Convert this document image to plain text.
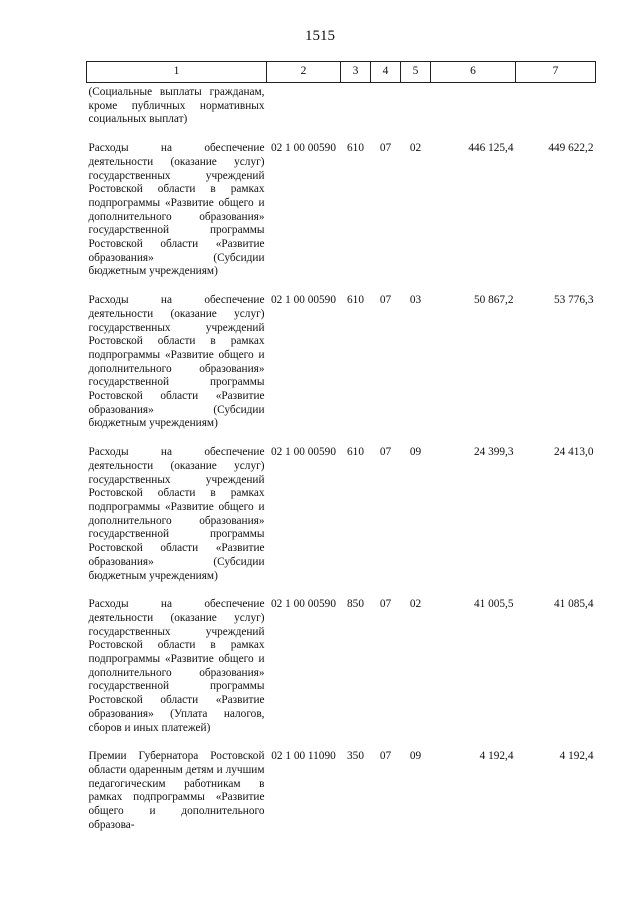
1515
1	2	3	4	5	6	7
(Социальные выплаты гражданам, кроме публичных нормативных социальных выплат)						
Расходы на обеспечение деятельности (оказание услуг) государственных учреждений Ростовской области в рамках подпрограммы «Развитие общего и дополнительного образования» государственной программы Ростовской области «Развитие образования» (Субсидии бюджетным учреждениям)	02 1 00 00590	610	07	02	446 125,4	449 622,2
Расходы на обеспечение деятельности (оказание услуг) государственных учреждений Ростовской области в рамках подпрограммы «Развитие общего и дополнительного образования» государственной программы Ростовской области «Развитие образования» (Субсидии бюджетным учреждениям)	02 1 00 00590	610	07	03	50 867,2	53 776,3
Расходы на обеспечение деятельности (оказание услуг) государственных учреждений Ростовской области в рамках подпрограммы «Развитие общего и дополнительного образования» государственной программы Ростовской области «Развитие образования» (Субсидии бюджетным учреждениям)	02 1 00 00590	610	07	09	24 399,3	24 413,0
Расходы на обеспечение деятельности (оказание услуг) государственных учреждений Ростовской области в рамках подпрограммы «Развитие общего и дополнительного образования» государственной программы Ростовской области «Развитие образования» (Уплата налогов, сборов и иных платежей)	02 1 00 00590	850	07	02	41 005,5	41 085,4
Премии Губернатора Ростовской области одаренным детям и лучшим педагогическим работникам в рамках подпрограммы «Развитие общего и дополнительного образова-	02 1 00 11090	350	07	09	4 192,4	4 192,4
